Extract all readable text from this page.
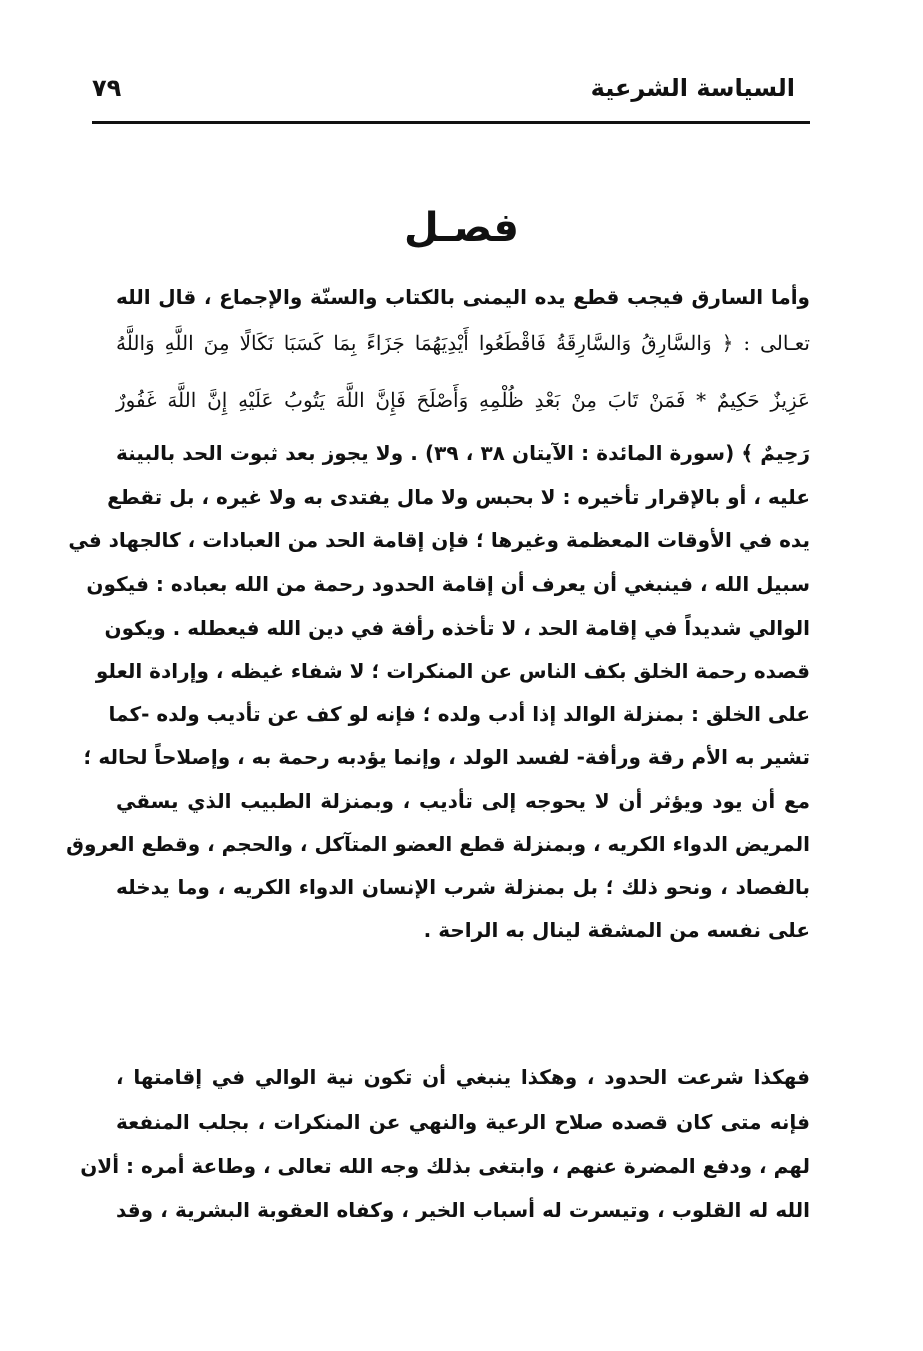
السياسة الشرعية
٧٩
فصـل
وأما السارق فيجب قطع يده اليمنى بالكتاب والسنّة والإجماع ، قال الله
تعـالى : ﴿ وَالسَّارِقُ وَالسَّارِقَةُ فَاقْطَعُوا أَيْدِيَهُمَا جَزَاءً بِمَا كَسَبَا نَكَالًا مِنَ اللَّهِ وَاللَّهُ
عَزِيزٌ حَكِيمٌ * فَمَنْ تَابَ مِنْ بَعْدِ ظُلْمِهِ وَأَصْلَحَ فَإِنَّ اللَّهَ يَتُوبُ عَلَيْهِ إِنَّ اللَّهَ غَفُورٌ
رَحِيمٌ ﴾ (سورة المائدة : الآيتان ٣٨ ، ٣٩) . ولا يجوز بعد ثبوت الحد بالبينة
عليه ، أو بالإقرار تأخيره : لا بحبس ولا مال يفتدى به ولا غيره ، بل تقطع
يده في الأوقات المعظمة وغيرها ؛ فإن إقامة الحد من العبادات ، كالجهاد في
سبيل الله ، فينبغي أن يعرف أن إقامة الحدود رحمة من الله بعباده : فيكون
الوالي شديداً في إقامة الحد ، لا تأخذه رأفة في دين الله فيعطله . ويكون
قصده رحمة الخلق بكف الناس عن المنكرات ؛ لا شفاء غيظه ، وإرادة العلو
على الخلق : بمنزلة الوالد إذا أدب ولده ؛ فإنه لو كف عن تأديب ولده -كما
تشير به الأم رقة ورأفة- لفسد الولد ، وإنما يؤدبه رحمة به ، وإصلاحاً لحاله ؛
مع أن يود ويؤثر أن لا يحوجه إلى تأديب ، وبمنزلة الطبيب الذي يسقي
المريض الدواء الكريه ، وبمنزلة قطع العضو المتآكل ، والحجم ، وقطع العروق
بالفصاد ، ونحو ذلك ؛ بل بمنزلة شرب الإنسان الدواء الكريه ، وما يدخله
على نفسه من المشقة لينال به الراحة .
فهكذا شرعت الحدود ، وهكذا ينبغي أن تكون نية الوالي في إقامتها ،
فإنه متى كان قصده صلاح الرعية والنهي عن المنكرات ، بجلب المنفعة
لهم ، ودفع المضرة عنهم ، وابتغى بذلك وجه الله تعالى ، وطاعة أمره : ألان
الله له القلوب ، وتيسرت له أسباب الخير ، وكفاه العقوبة البشرية ، وقد
